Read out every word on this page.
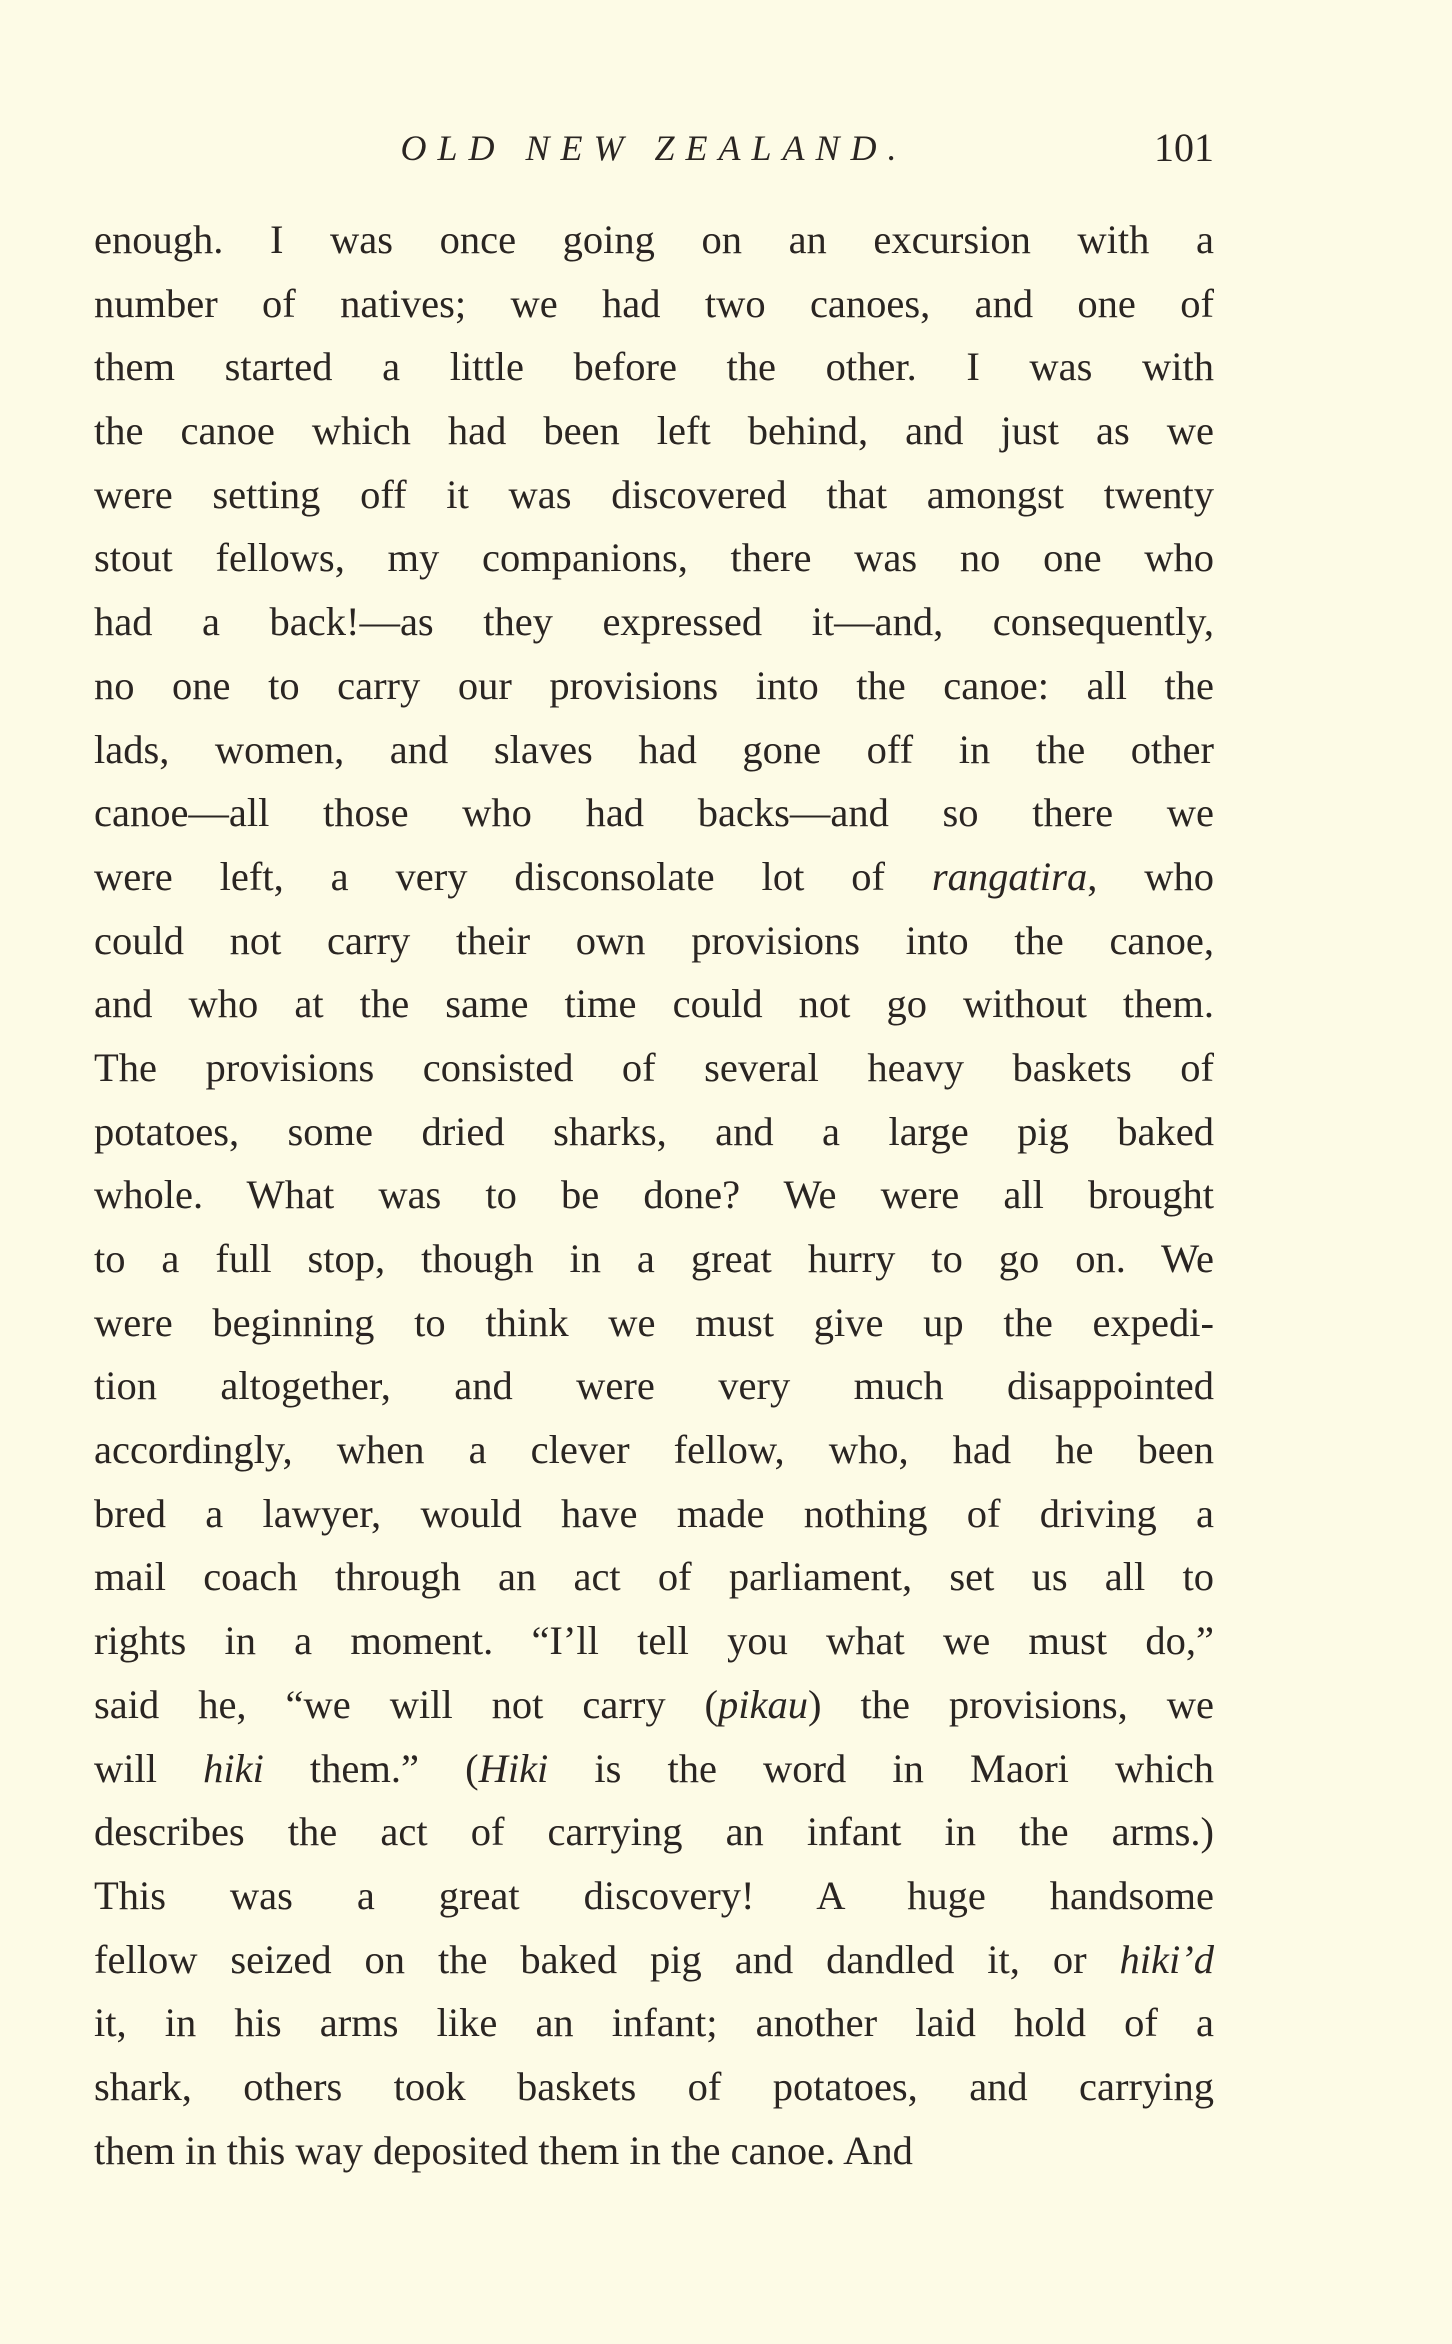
OLD NEW ZEALAND.	101
enough. I was once going on an excursion with a
number of natives; we had two canoes, and one of
them started a little before the other. I was with
the canoe which had been left behind, and just as we
were setting off it was discovered that amongst twenty
stout fellows, my companions, there was no one who
had a back!—as they expressed it—and, consequently,
no one to carry our provisions into the canoe: all the
lads, women, and slaves had gone off in the other
canoe—all those who had backs—and so there we
were left, a very disconsolate lot of rangatira, who
could not carry their own provisions into the canoe,
and who at the same time could not go without them.
The provisions consisted of several heavy baskets of
potatoes, some dried sharks, and a large pig baked
whole. What was to be done? We were all brought
to a full stop, though in a great hurry to go on. We
were beginning to think we must give up the expedi-
tion altogether, and were very much disappointed
accordingly, when a clever fellow, who, had he been
bred a lawyer, would have made nothing of driving a
mail coach through an act of parliament, set us all to
rights in a moment. “I’ll tell you what we must do,”
said he, “we will not carry (pikau) the provisions, we
will hiki them.” (Hiki is the word in Maori which
describes the act of carrying an infant in the arms.)
This was a great discovery! A huge handsome
fellow seized on the baked pig and dandled it, or hiki’d
it, in his arms like an infant; another laid hold of a
shark, others took baskets of potatoes, and carrying
them in this way deposited them in the canoe. And
